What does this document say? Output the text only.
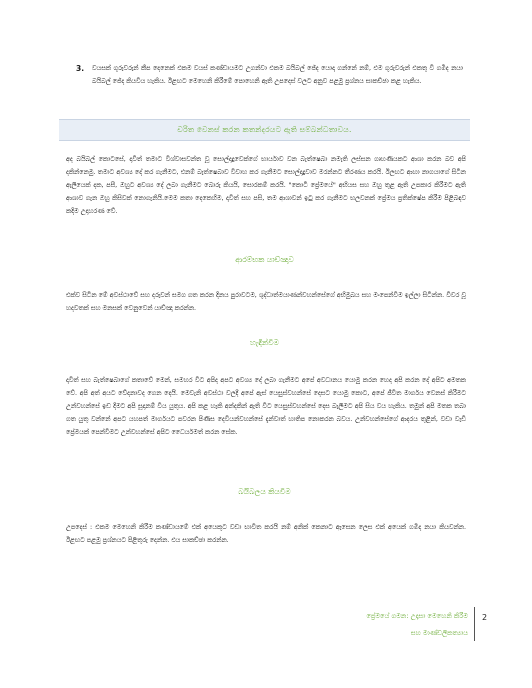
3. වයසක් ගුරුවරුන් කීප දෙනෙක් එකම වයස් කණ්ඩායමට උගන්වා එකම බයිබල් ජේද යොදා ගන්නේ නම්, එම ගුරුවරුන් එකතු වී ගමිද නයා බයිබල් ජේද කියවිය හැකිය. ඊළඟට මෙහෙනි කිරීමේ පොහෙනි ඇති උපදෙස් වලට අනුව පළමු ප්‍රශ්නය සාකච්ඡා කළ හැකිය.

චරිත වෙනස් කරන කතන්දරයට ඇති සම්බන්ධතාවය.

අද බයිබල් කොටසේ, දාවිත් තමාට විශ්වාසවන්ත වූ සොල්දාදුවෙක්ගේ භාර්යාව වන බැත්ෂෙබා නමැති ලස්සන ගෘහණියකට ආශා කරන බව අපි දකින්නෙමු. තමාට අවශ්‍ය දේ කර ගැනීමට, එනම් බැත්ෂෙබාව විවාහ කර ගැනීමට සොල්දාදුවාව මරන්නට තීරණය කරයි. ඊලඟට ආහා නාගයාගේ සිටින ඇලියෙක් දක, පසී, ඔහුට අවශ්‍ය දේ ලබා ගැනීමට බොරු කියයි, සොරකම් කරයි. "කොටි ප්‍රේමයේ" අභියස සහ ඔහු තුළ ඇති උපකාර කිරීමට ඇති ආශාව ගැන ඔහු කිසිවක් නොගැනියි.මෙම කතා දෙකෙහිම, දාවිත් සහ පසි, තම ආශාවන් ඉටු කර ගැනීමට භලවනක් ප්‍රේමය ප්‍රතික්ෂේප කිරීම පිළිබඳව කදිම උදාහරණ වේ.

ආරම්භක යාච්ඤාව

එක්ව සිටින මේ අවස්ථාවේ සහ දරුවන් සමග ගත කරන දිනය පුරාවටම, ශුද්ධාත්මයාණන්වහන්සේගේ අභිමුඛය සහ මංපෙන්වීම ඉල්ලා සිටින්න. විවර වූ හදවතක් සහ මනසක් වෙනුවෙන් යාච්ඤා කරන්න.

හැඳින්වීම

දාවිත් සහ බැත්ෂෙබාගේ කතාවේ මෙන්, සමහර විට අපිද අපට අවශ්‍ය දේ ලබා ගැනීමට අපේ අවධානය යොමු කරන හෙද අපි කරන දේ අපිට අමතක වේ. අපි අත් අයට වේදනාවද ගෙන දෙයි. මෙවැනි අවස්ථා වලදී අපේ ඇස් යෙසුස්වහන්සේ දෙසට යොමු කොට, අපේ ජීවිත මාර්ගය වෙනස් කිරීමට උන්වහන්සේ ඉඩ දීමට අපි සූදානම් විය යුතුය. අපි කළ හැකි අන්දකින් ඇති විට යෙසුස්වහන්සේ දෙස බැලීමට අපි සිය වය හැකිය. තමුන් අපි මතක තබා ගත යුතු වන්නේ අපට යහපත් මාර්ගයට පවරන පිණිස දෙවියන්වහන්සේ දැන්වාත් හාතිප නොකරන බවය. උන්වහන්සේගේ ආදරය තුළින්, වඩා වැඩි ප්‍රේමයක් පෙන්වීමට උන්වහන්සේ අපිට ධෛර්යමත් කරන සේක.

බයිබලය කියවීම

උපදෙස් : එකම මෙහෙනි කිරීම කණ්ඩායමේ එක් අයෙකුට වඩා භාවිත කරයි නම් අනික් කෙනාට ඇසෙන ලෙස එක් අයෙක් ගමිද නයා කියවන්න. ඊළඟට පළමු ප්‍රශ්නයට පිළිතුරු දෙන්න. එය සාකච්ඡා කරන්න.

ප්‍රේමයේ ගමන: උදෑසා මෙහෙනි කිරීම
සහ මාණ්ඩලිකත්‍යාය
2
